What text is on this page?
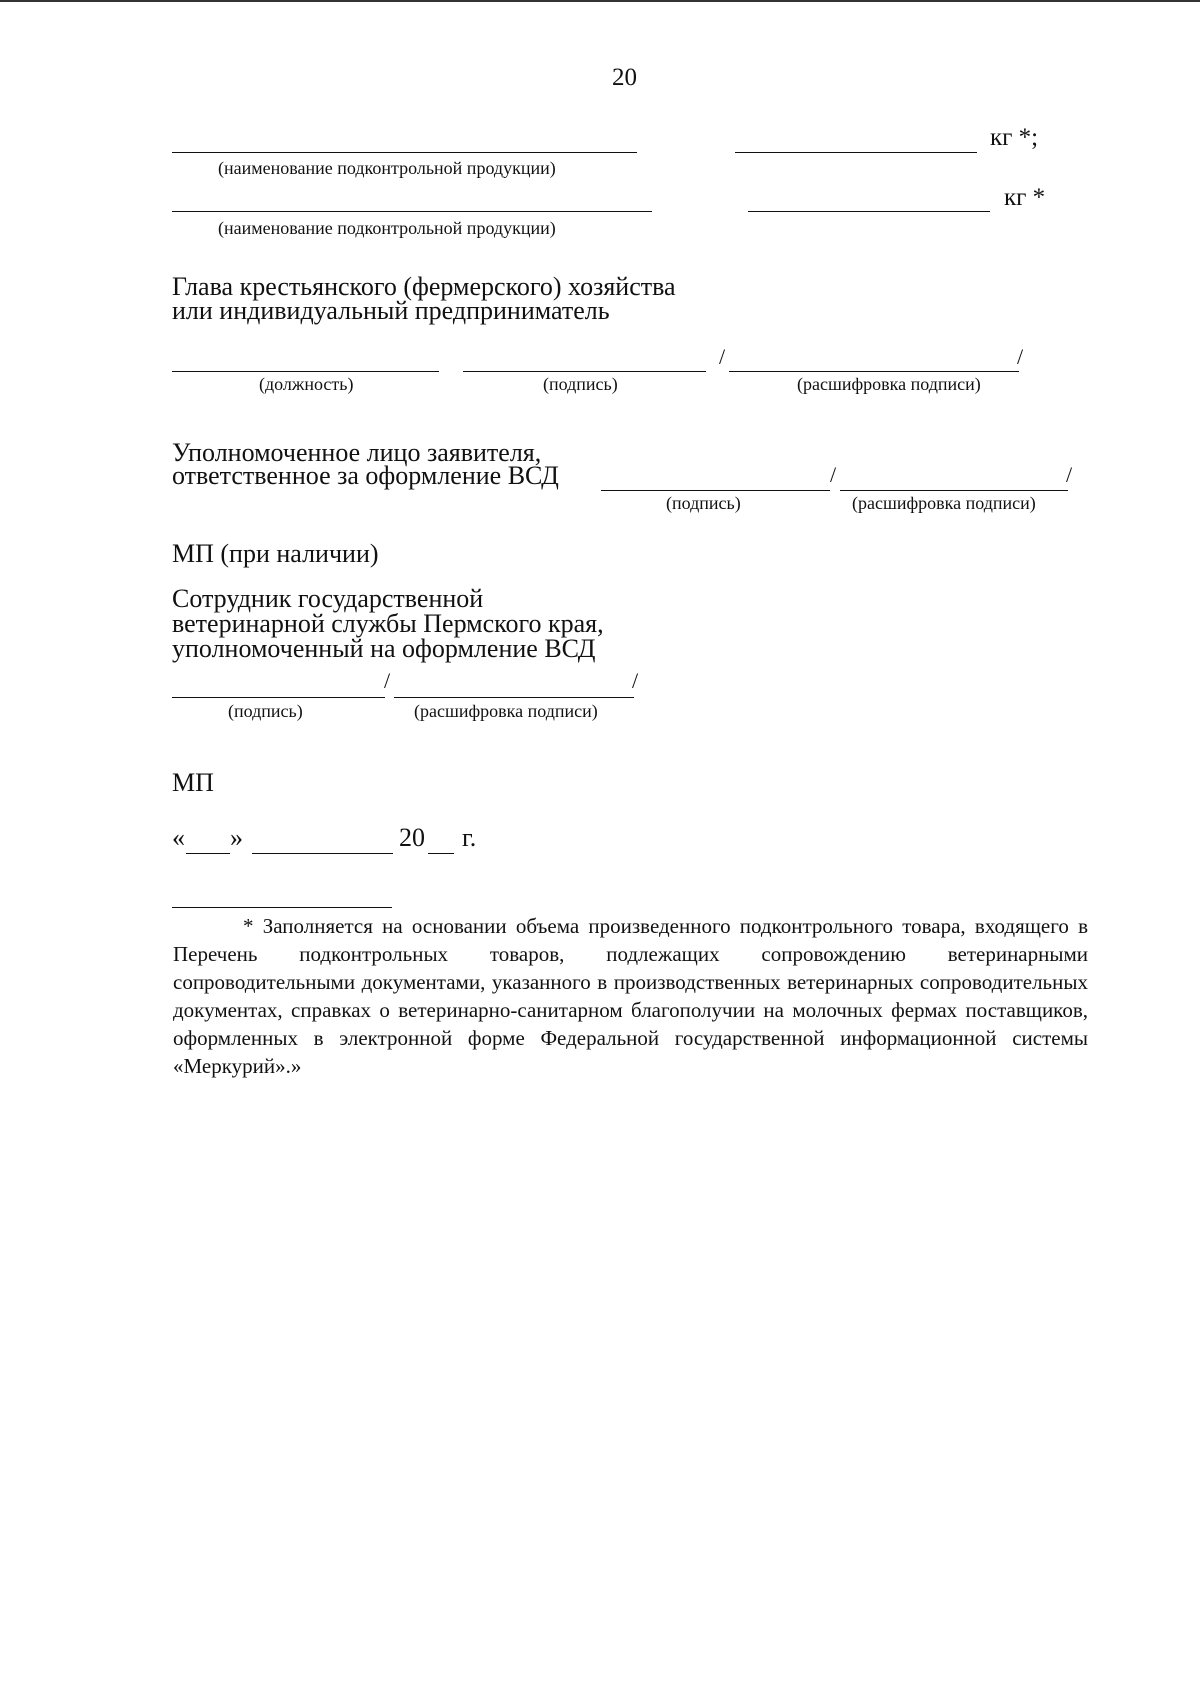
20
кг *;
(наименование подконтрольной продукции)
кг *
(наименование подконтрольной продукции)
Глава крестьянского (фермерского) хозяйства
или индивидуальный предприниматель
/	/
(должность)	(подпись)	(расшифровка подписи)
Уполномоченное лицо заявителя,
ответственное за оформление ВСД	/	/
(подпись)	(расшифровка подписи)
МП (при наличии)
Сотрудник государственной
ветеринарной службы Пермского края,
уполномоченный на оформление ВСД
/	/
(подпись)	(расшифровка подписи)
МП
« »	20 г.

* Заполняется на основании объема произведенного подконтрольного товара, входящего в Перечень подконтрольных товаров, подлежащих сопровождению ветеринарными сопроводительными документами, указанного в производственных ветеринарных сопроводительных документах, справках о ветеринарно-санитарном благополучии на молочных фермах поставщиков, оформленных в электронной форме Федеральной государственной информационной системы «Меркурий».»
